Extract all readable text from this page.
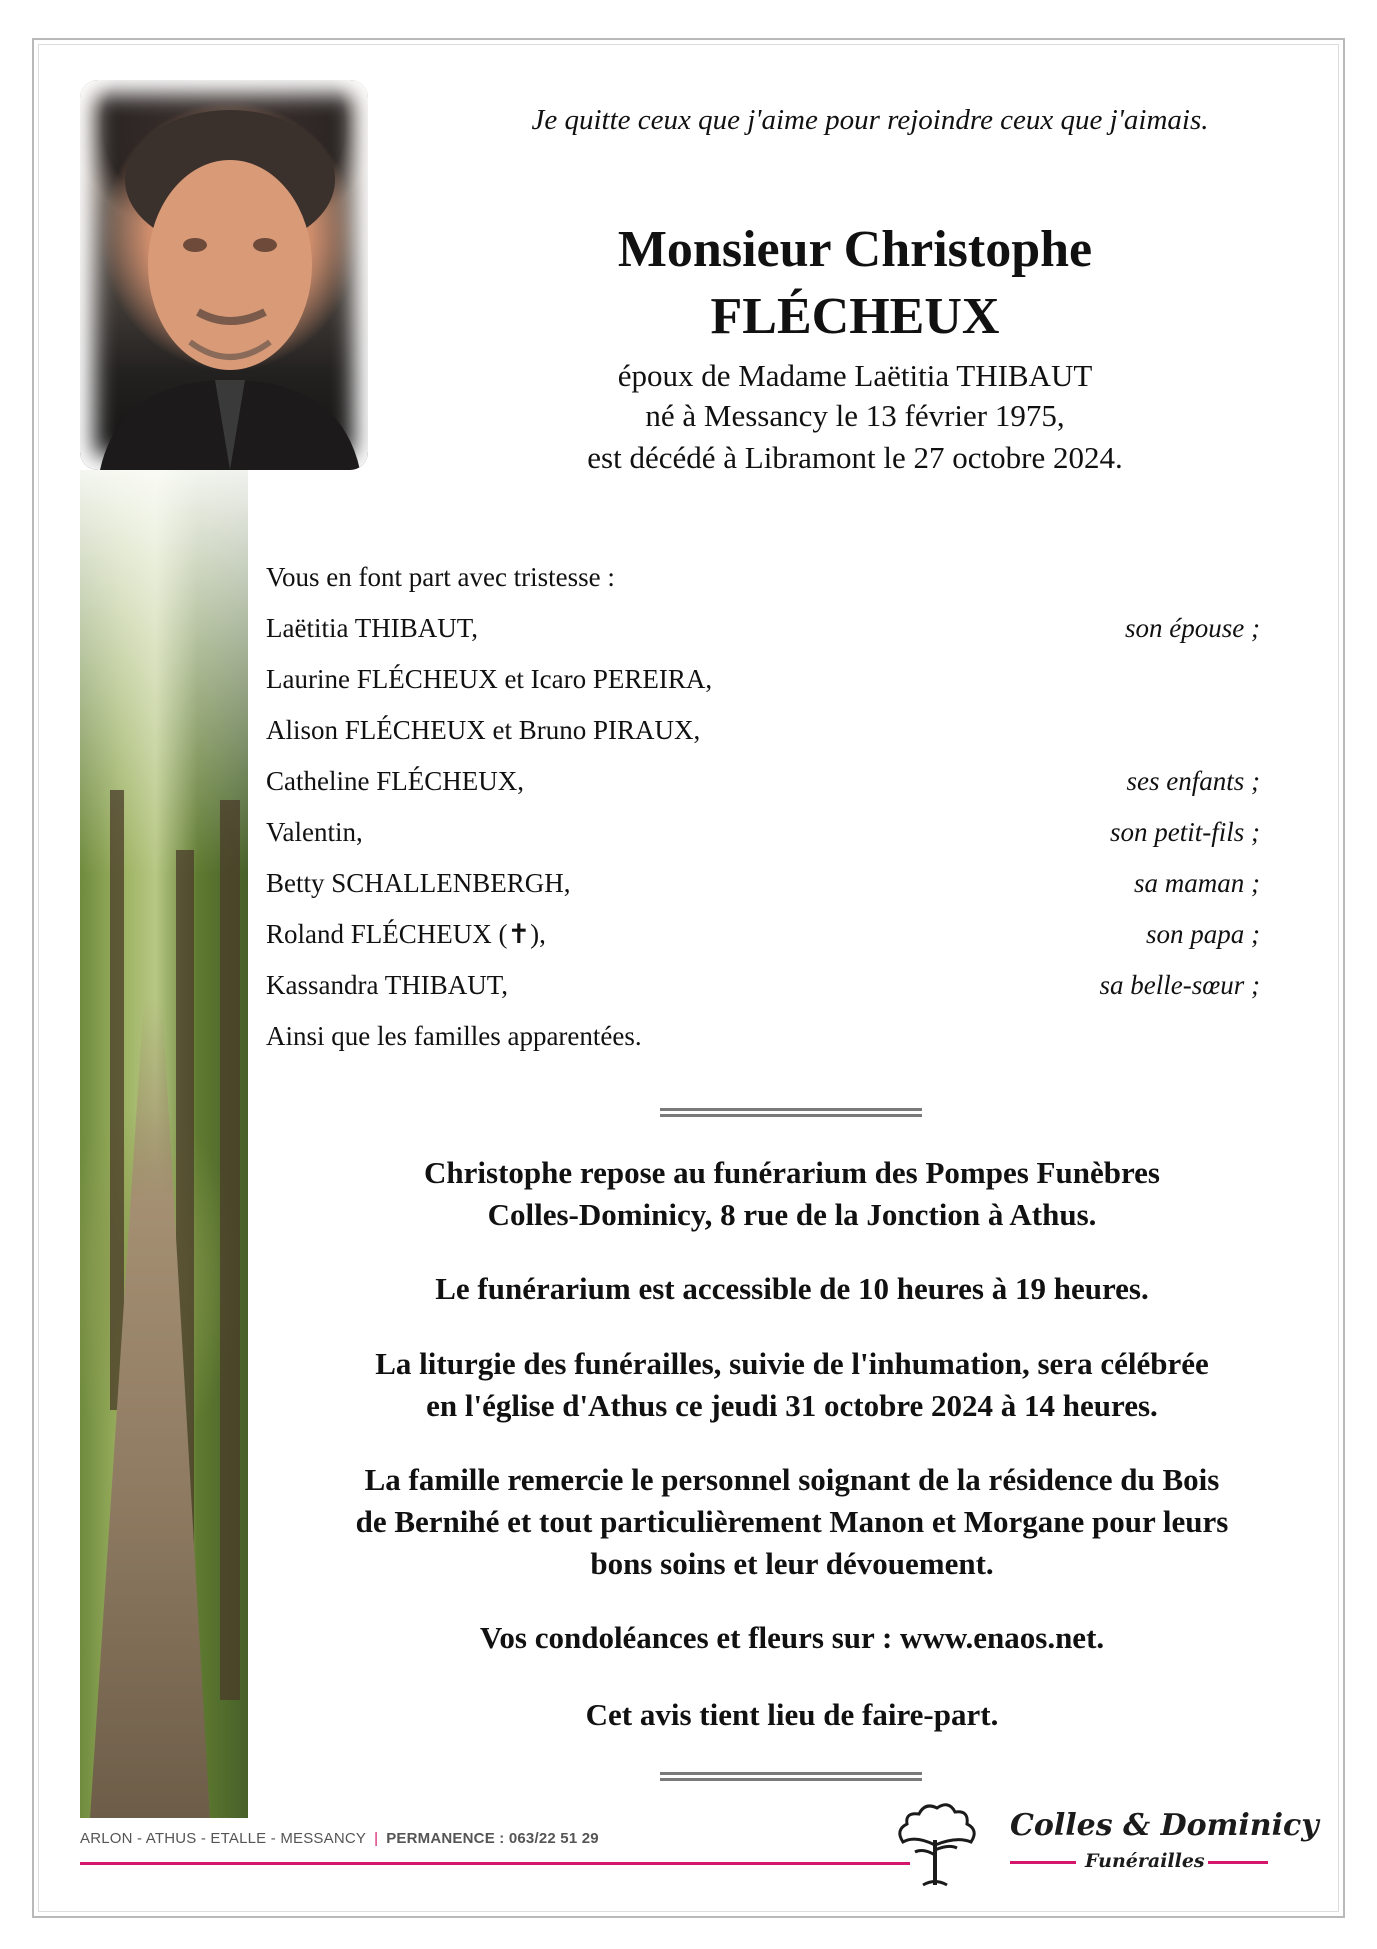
Je quitte ceux que j'aime pour rejoindre ceux que j'aimais.
Monsieur Christophe
FLÉCHEUX
époux de Madame Laëtitia THIBAUT
né à Messancy le 13 février 1975,
est décédé à Libramont le 27 octobre 2024.
Vous en font part avec tristesse :
Laëtitia THIBAUT,	son épouse ;
Laurine FLÉCHEUX et Icaro PEREIRA,
Alison FLÉCHEUX et Bruno PIRAUX,
Catheline FLÉCHEUX,	ses enfants ;
Valentin,	son petit-fils ;
Betty SCHALLENBERGH,	sa maman ;
Roland FLÉCHEUX (✝),	son papa ;
Kassandra THIBAUT,	sa belle-sœur ;
Ainsi que les familles apparentées.
Christophe repose au funérarium des Pompes Funèbres
Colles-Dominicy, 8 rue de la Jonction à Athus.
Le funérarium est accessible de 10 heures à 19 heures.
La liturgie des funérailles, suivie de l'inhumation, sera célébrée
en l'église d'Athus ce jeudi 31 octobre 2024 à 14 heures.
La famille remercie le personnel soignant de la résidence du Bois
de Bernihé et tout particulièrement Manon et Morgane pour leurs
bons soins et leur dévouement.
Vos condoléances et fleurs sur : www.enaos.net.
Cet avis tient lieu de faire-part.
ARLON - ATHUS - ETALLE - MESSANCY | PERMANENCE : 063/22 51 29	Colles & Dominicy
Funérailles
